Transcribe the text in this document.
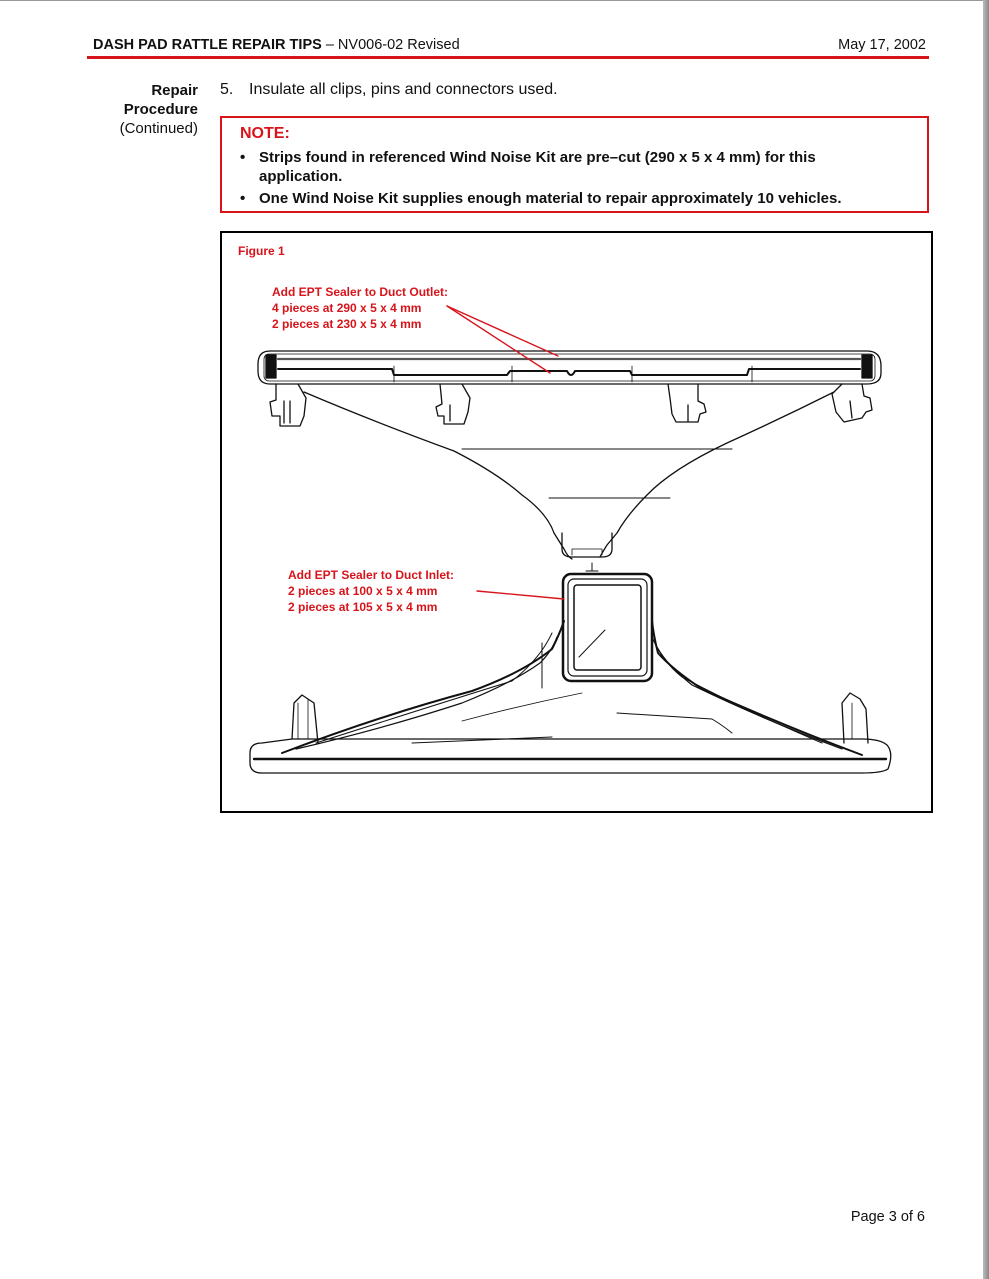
DASH PAD RATTLE REPAIR TIPS – NV006-02 Revised	May 17, 2002
Repair
Procedure
(Continued)
5. Insulate all clips, pins and connectors used.
NOTE:
• Strips found in referenced Wind Noise Kit are pre–cut (290 x 5 x 4 mm) for this application.
• One Wind Noise Kit supplies enough material to repair approximately 10 vehicles.
Figure 1
Add EPT Sealer to Duct Outlet:
4 pieces at 290 x 5 x 4 mm
2 pieces at 230 x 5 x 4 mm
Add EPT Sealer to Duct Inlet:
2 pieces at 100 x 5 x 4 mm
2 pieces at 105 x 5 x 4 mm
Page 3 of 6
